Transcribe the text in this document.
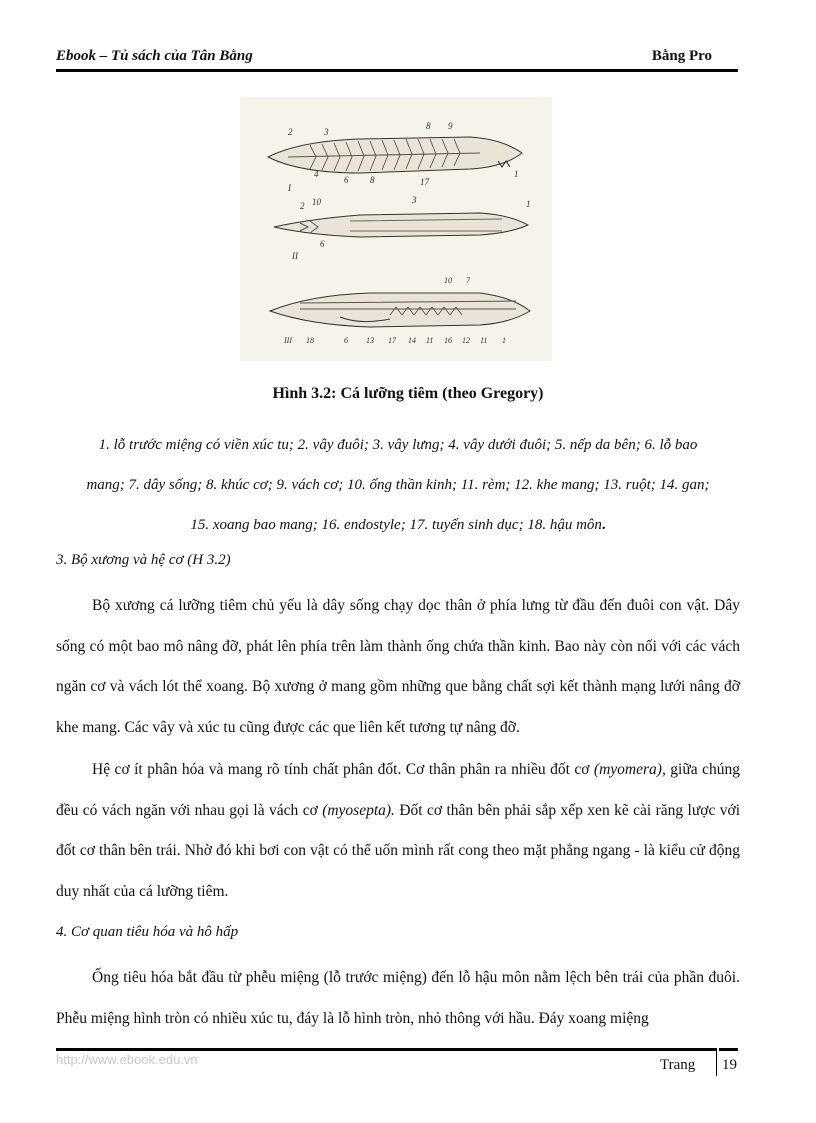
Ebook – Tủ sách của Tân Bằng	Bằng Pro
2	3
8 9
I
4
6 8	17
1
2 10	3
6
1
II
III 18	6 13 17 14 11 16 12 11 1
10 7
Hình 3.2: Cá lưỡng tiêm (theo Gregory)
1. lỗ trước miệng có viền xúc tu; 2. vây đuôi; 3. vây lưng; 4. vây dưới đuôi; 5. nếp da bên; 6. lỗ bao
mang; 7. dây sống; 8. khúc cơ; 9. vách cơ; 10. ống thần kinh; 11. rèm; 12. khe mang; 13. ruột; 14. gan;
15. xoang bao mang; 16. endostyle; 17. tuyến sinh dục; 18. hậu môn.
3. Bộ xương và hệ cơ (H 3.2)
Bộ xương cá lưỡng tiêm chủ yếu là dây sống chạy dọc thân ở phía lưng từ đầu đến đuôi con vật. Dây sống có một bao mô nâng đỡ, phát lên phía trên làm thành ống chứa thần kinh. Bao này còn nối với các vách ngăn cơ và vách lót thể xoang. Bộ xương ở mang gồm những que bằng chất sợi kết thành mạng lưới nâng đỡ khe mang. Các vây và xúc tu cũng được các que liên kết tương tự nâng đỡ.
Hệ cơ ít phân hóa và mang rõ tính chất phân đốt. Cơ thân phân ra nhiều đốt cơ (myomera), giữa chúng đều có vách ngăn với nhau gọi là vách cơ (myosepta). Đốt cơ thân bên phải sắp xếp xen kẽ cài răng lược với đốt cơ thân bên trái. Nhờ đó khi bơi con vật có thể uốn mình rất cong theo mặt phẳng ngang - là kiểu cử động duy nhất của cá lưỡng tiêm.
4. Cơ quan tiêu hóa và hô hấp
Ống tiêu hóa bắt đầu từ phễu miệng (lỗ trước miệng) đến lỗ hậu môn nằm lệch bên trái của phần đuôi. Phễu miệng hình tròn có nhiều xúc tu, đáy là lỗ hình tròn, nhỏ thông với hầu. Đáy xoang miệng
http://www.ebook.edu.vn	Trang 19
